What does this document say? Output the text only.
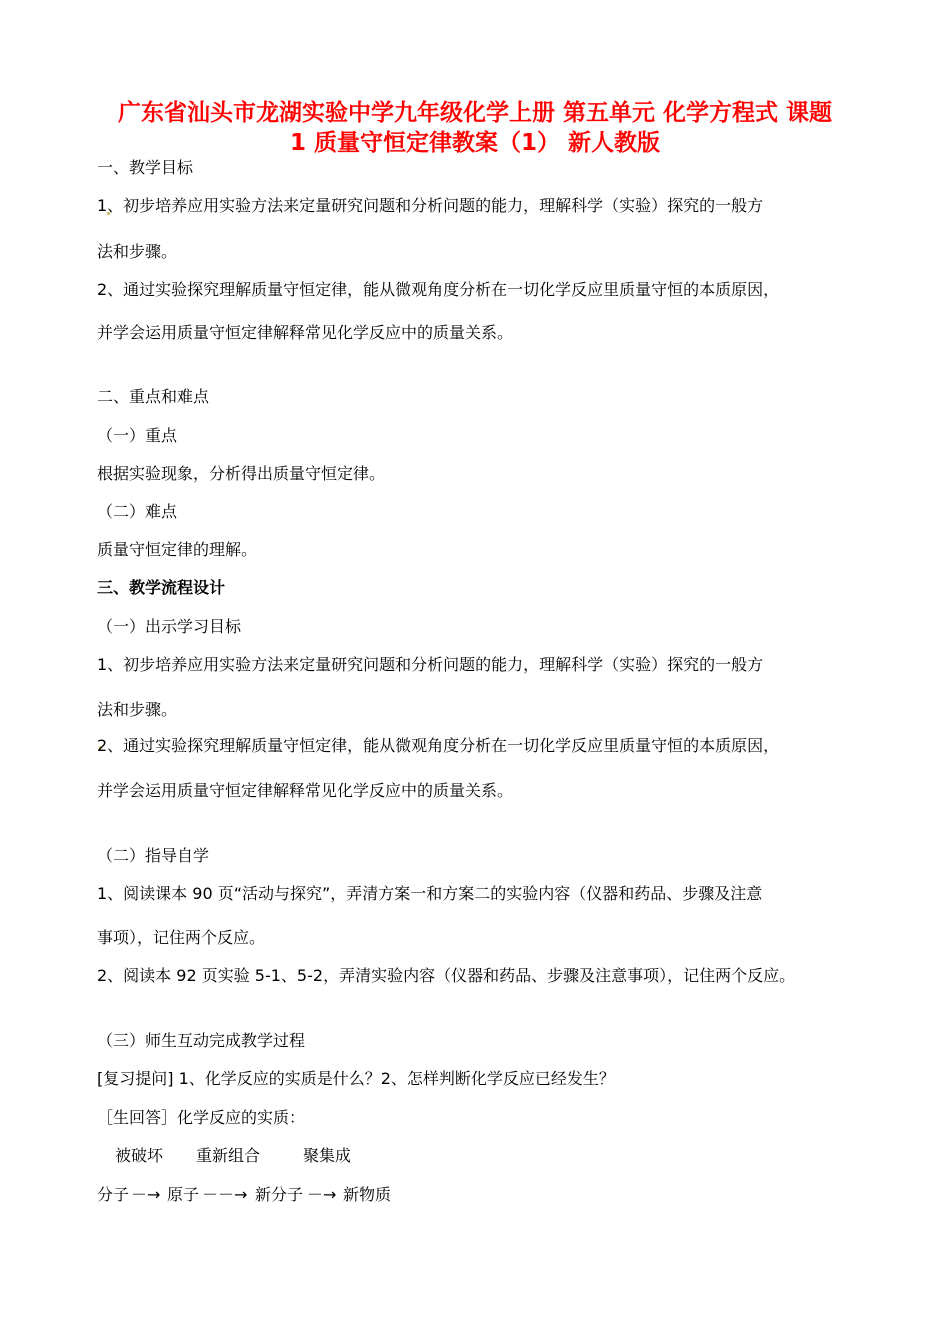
广东省汕头市龙湖实验中学九年级化学上册 第五单元 化学方程式 课题
1 质量守恒定律教案（1） 新人教版
一、教学目标
1、初步培养应用实验方法来定量研究问题和分析问题的能力，理解科学（实验）探究的一般方
法和步骤。
2、通过实验探究理解质量守恒定律，能从微观角度分析在一切化学反应里质量守恒的本质原因，
并学会运用质量守恒定律解释常见化学反应中的质量关系。
二、重点和难点
（一）重点
根据实验现象，分析得出质量守恒定律。
（二）难点
质量守恒定律的理解。
三、教学流程设计
（一）出示学习目标
1、初步培养应用实验方法来定量研究问题和分析问题的能力，理解科学（实验）探究的一般方
法和步骤。
2、通过实验探究理解质量守恒定律，能从微观角度分析在一切化学反应里质量守恒的本质原因，
并学会运用质量守恒定律解释常见化学反应中的质量关系。
（二）指导自学
1、阅读课本 90 页“活动与探究”，弄清方案一和方案二的实验内容（仪器和药品、步骤及注意
事项），记住两个反应。
2、阅读本 92 页实验 5-1、5-2，弄清实验内容（仪器和药品、步骤及注意事项），记住两个反应。
（三）师生互动完成教学过程
[复习提问] 1、化学反应的实质是什么？2、怎样判断化学反应已经发生？
［生回答］化学反应的实质：
被破坏 重新组合	聚集成
分子 －→ 原子 －－→ 新分子 －→ 新物质
